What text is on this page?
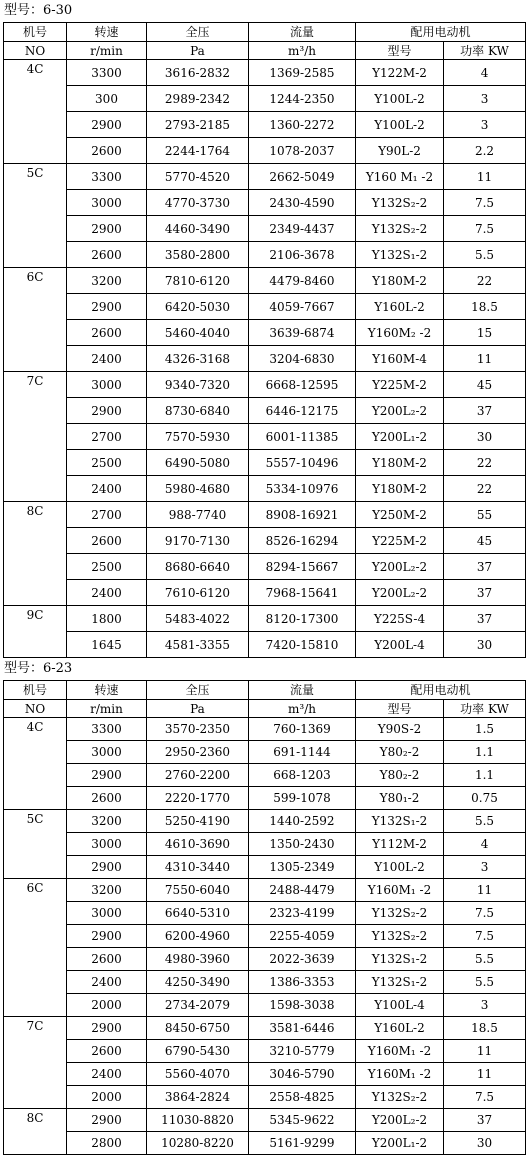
型号：6-30
机号	转速	全压	流量	配用电动机	
NO	r/min	Pa	m³/h	型号	功率 KW
4C	3300	3616-2832	1369-2585	Y122M-2	4
	300	2989-2342	1244-2350	Y100L-2	3
	2900	2793-2185	1360-2272	Y100L-2	3
	2600	2244-1764	1078-2037	Y90L-2	2.2
5C	3300	5770-4520	2662-5049	Y160 M₁ -2	11
	3000	4770-3730	2430-4590	Y132S₂-2	7.5
	2900	4460-3490	2349-4437	Y132S₂-2	7.5
	2600	3580-2800	2106-3678	Y132S₁-2	5.5
6C	3200	7810-6120	4479-8460	Y180M-2	22
	2900	6420-5030	4059-7667	Y160L-2	18.5
	2600	5460-4040	3639-6874	Y160M₂ -2	15
	2400	4326-3168	3204-6830	Y160M-4	11
7C	3000	9340-7320	6668-12595	Y225M-2	45
	2900	8730-6840	6446-12175	Y200L₂-2	37
	2700	7570-5930	6001-11385	Y200L₁-2	30
	2500	6490-5080	5557-10496	Y180M-2	22
	2400	5980-4680	5334-10976	Y180M-2	22
8C	2700	988-7740	8908-16921	Y250M-2	55
	2600	9170-7130	8526-16294	Y225M-2	45
	2500	8680-6640	8294-15667	Y200L₂-2	37
	2400	7610-6120	7968-15641	Y200L₂-2	37
9C	1800	5483-4022	8120-17300	Y225S-4	37
	1645	4581-3355	7420-15810	Y200L-4	30
型号：6-23
机号	转速	全压	流量	配用电动机	
NO	r/min	Pa	m³/h	型号	功率 KW
4C	3300	3570-2350	760-1369	Y90S-2	1.5
	3000	2950-2360	691-1144	Y80₂-2	1.1
	2900	2760-2200	668-1203	Y80₂-2	1.1
	2600	2220-1770	599-1078	Y80₁-2	0.75
5C	3200	5250-4190	1440-2592	Y132S₁-2	5.5
	3000	4610-3690	1350-2430	Y112M-2	4
	2900	4310-3440	1305-2349	Y100L-2	3
6C	3200	7550-6040	2488-4479	Y160M₁ -2	11
	3000	6640-5310	2323-4199	Y132S₂-2	7.5
	2900	6200-4960	2255-4059	Y132S₂-2	7.5
	2600	4980-3960	2022-3639	Y132S₁-2	5.5
	2400	4250-3490	1386-3353	Y132S₁-2	5.5
	2000	2734-2079	1598-3038	Y100L-4	3
7C	2900	8450-6750	3581-6446	Y160L-2	18.5
	2600	6790-5430	3210-5779	Y160M₁ -2	11
	2400	5560-4070	3046-5790	Y160M₁ -2	11
	2000	3864-2824	2558-4825	Y132S₂-2	7.5
8C	2900	11030-8820	5345-9622	Y200L₂-2	37
	2800	10280-8220	5161-9299	Y200L₁-2	30
